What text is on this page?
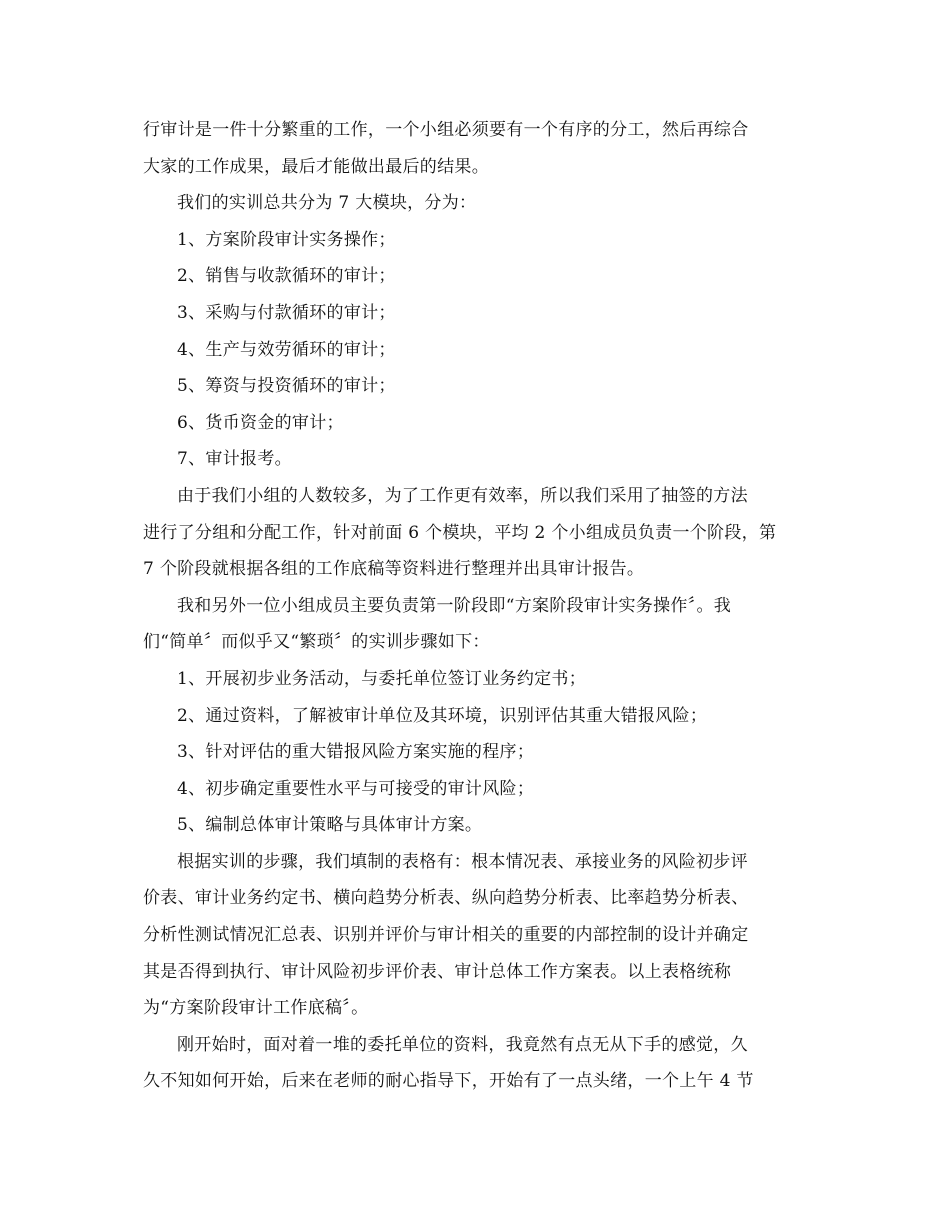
行审计是一件十分繁重的工作，一个小组必须要有一个有序的分工，然后再综合
大家的工作成果，最后才能做出最后的结果。
我们的实训总共分为 7 大模块，分为：
1、方案阶段审计实务操作；
2、销售与收款循环的审计；
3、采购与付款循环的审计；
4、生产与效劳循环的审计；
5、筹资与投资循环的审计；
6、货币资金的审计；
7、审计报考。
由于我们小组的人数较多，为了工作更有效率，所以我们采用了抽签的方法
进行了分组和分配工作，针对前面 6 个模块，平均 2 个小组成员负责一个阶段，第
7 个阶段就根据各组的工作底稿等资料进行整理并出具审计报告。
我和另外一位小组成员主要负责第一阶段即“方案阶段审计实务操作〞。我
们“简单〞而似乎又“繁琐〞的实训步骤如下：
1、开展初步业务活动，与委托单位签订业务约定书；
2、通过资料，了解被审计单位及其环境，识别评估其重大错报风险；
3、针对评估的重大错报风险方案实施的程序；
4、初步确定重要性水平与可接受的审计风险；
5、编制总体审计策略与具体审计方案。
根据实训的步骤，我们填制的表格有：根本情况表、承接业务的风险初步评
价表、审计业务约定书、横向趋势分析表、纵向趋势分析表、比率趋势分析表、
分析性测试情况汇总表、识别并评价与审计相关的重要的内部控制的设计并确定
其是否得到执行、审计风险初步评价表、审计总体工作方案表。以上表格统称
为“方案阶段审计工作底稿〞。
刚开始时，面对着一堆的委托单位的资料，我竟然有点无从下手的感觉，久
久不知如何开始，后来在老师的耐心指导下，开始有了一点头绪，一个上午 4 节
